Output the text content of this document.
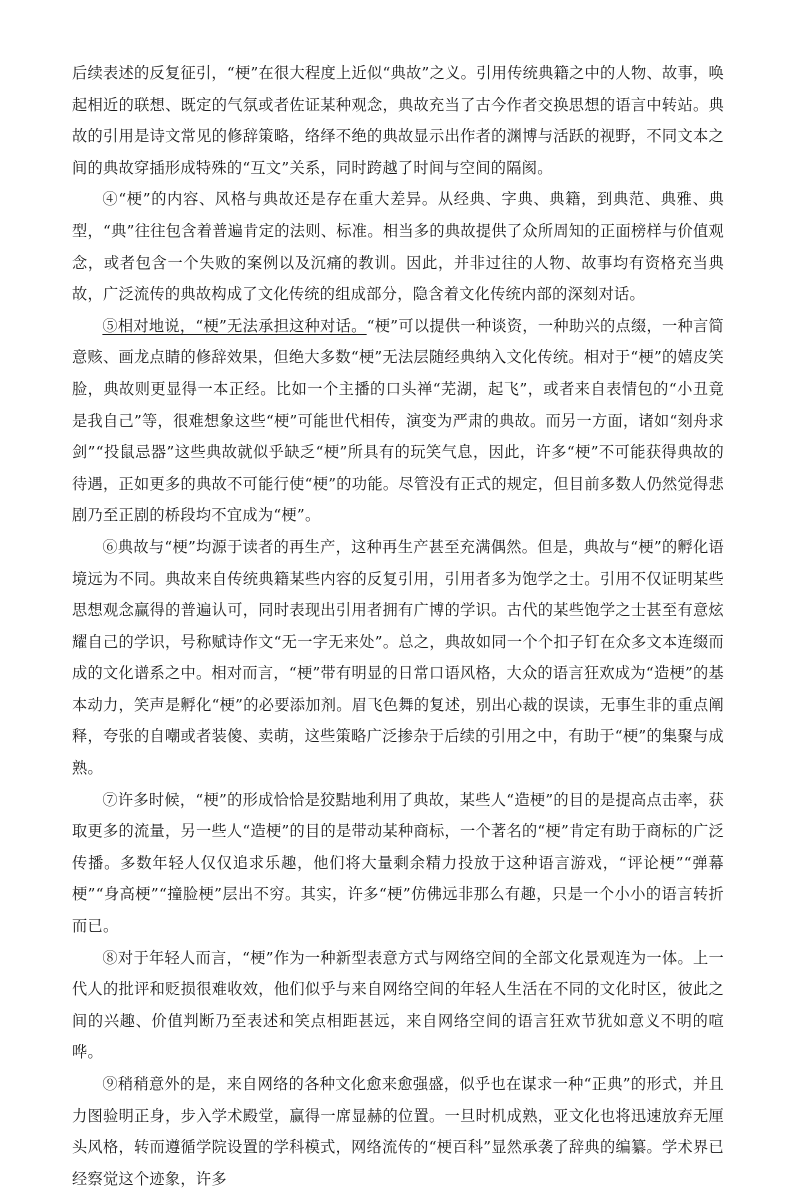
后续表述的反复征引，“梗”在很大程度上近似“典故”之义。引用传统典籍之中的人物、故事，唤起相近的联想、既定的气氛或者佐证某种观念，典故充当了古今作者交换思想的语言中转站。典故的引用是诗文常见的修辞策略，络绎不绝的典故显示出作者的渊博与活跃的视野，不同文本之间的典故穿插形成特殊的“互文”关系，同时跨越了时间与空间的隔阂。

④“梗”的内容、风格与典故还是存在重大差异。从经典、字典、典籍，到典范、典雅、典型，“典”往往包含着普遍肯定的法则、标准。相当多的典故提供了众所周知的正面榜样与价值观念，或者包含一个失败的案例以及沉痛的教训。因此，并非过往的人物、故事均有资格充当典故，广泛流传的典故构成了文化传统的组成部分，隐含着文化传统内部的深刻对话。

⑤相对地说，“梗”无法承担这种对话。“梗”可以提供一种谈资，一种助兴的点缀，一种言简意赅、画龙点睛的修辞效果，但绝大多数“梗”无法层随经典纳入文化传统。相对于“梗”的嬉皮笑脸，典故则更显得一本正经。比如一个主播的口头禅“芜湖，起飞”，或者来自表情包的“小丑竟是我自己”等，很难想象这些“梗”可能世代相传，演变为严肃的典故。而另一方面，诸如“刻舟求剑”“投鼠忌器”这些典故就似乎缺乏“梗”所具有的玩笑气息，因此，许多“梗”不可能获得典故的待遇，正如更多的典故不可能行使“梗”的功能。尽管没有正式的规定，但目前多数人仍然觉得悲剧乃至正剧的桥段均不宜成为“梗”。

⑥典故与“梗”均源于读者的再生产，这种再生产甚至充满偶然。但是，典故与“梗”的孵化语境远为不同。典故来自传统典籍某些内容的反复引用，引用者多为饱学之士。引用不仅证明某些思想观念赢得的普遍认可，同时表现出引用者拥有广博的学识。古代的某些饱学之士甚至有意炫耀自己的学识，号称赋诗作文“无一字无来处”。总之，典故如同一个个扣子钉在众多文本连缀而成的文化谱系之中。相对而言，“梗”带有明显的日常口语风格，大众的语言狂欢成为“造梗”的基本动力，笑声是孵化“梗”的必要添加剂。眉飞色舞的复述，别出心裁的误读，无事生非的重点阐释，夸张的自嘲或者装傻、卖萌，这些策略广泛掺杂于后续的引用之中，有助于“梗”的集聚与成熟。

⑦许多时候，“梗”的形成恰恰是狡黠地利用了典故，某些人“造梗”的目的是提高点击率，获取更多的流量，另一些人“造梗”的目的是带动某种商标，一个著名的“梗”肯定有助于商标的广泛传播。多数年轻人仅仅追求乐趣，他们将大量剩余精力投放于这种语言游戏，“评论梗”“弹幕梗”“身高梗”“撞脸梗”层出不穷。其实，许多“梗”仿佛远非那么有趣，只是一个小小的语言转折而已。

⑧对于年轻人而言，“梗”作为一种新型表意方式与网络空间的全部文化景观连为一体。上一代人的批评和贬损很难收效，他们似乎与来自网络空间的年轻人生活在不同的文化时区，彼此之间的兴趣、价值判断乃至表述和笑点相距甚远，来自网络空间的语言狂欢节犹如意义不明的喧哗。

⑨稍稍意外的是，来自网络的各种文化愈来愈强盛，似乎也在谋求一种“正典”的形式，并且力图验明正身，步入学术殿堂，赢得一席显赫的位置。一旦时机成熟，亚文化也将迅速放弃无厘头风格，转而遵循学院设置的学科模式，网络流传的“梗百科”显然承袭了辞典的编纂。学术界已经察觉这个迹象，许多
